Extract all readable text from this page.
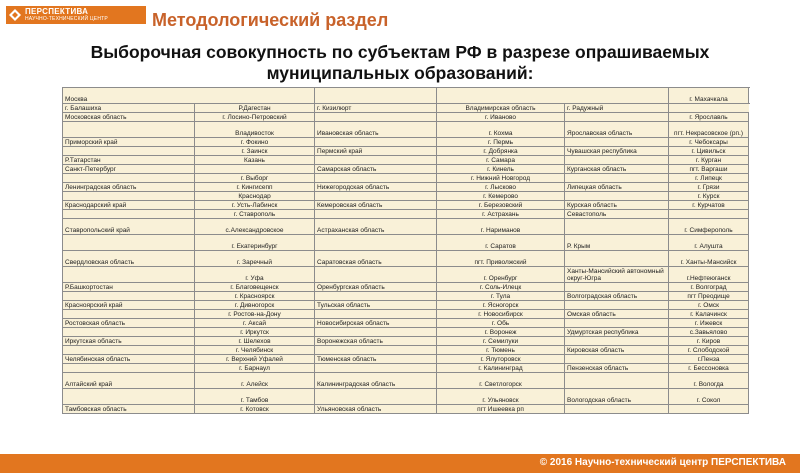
ПЕРСПЕКТИВА
НАУЧНО-ТЕХНИЧЕСКИЙ ЦЕНТР Методологический раздел
Выборочная совокупность по субъектам РФ в разрезе опрашиваемых муниципальных образований:
Москва					г. Махачкала		
г. Балашиха	Р.Дагестан	г. Кизилюрт	Владимирская область	г. Радужный		
Московская область	г. Лосино-Петровский		г. Иваново		г. Ярославль	
	Владивосток	Ивановская область	г. Кохма	Ярославская область	пгт. Некрасовское (рп.)	
Приморский край	г. Фокино		г. Пермь		г. Чебоксары	
	г. Заинск	Пермский край	г. Добрянка	Чувашская республика	г. Цивильск	
Р.Татарстан	Казань		г. Самара		г. Курган	
Санкт-Петербург		Самарская область	г. Кинель	Курганская область	пгт. Варгаши	
	г. Выборг		г. Нижний Новгород		г. Липецк	
Ленинградская область	г. Кингисепп	Нижегородская область	г. Лысково	Липецкая область	г. Грязи	
	Краснодар		г. Кемерово		г. Курск	
Краснодарский край	г. Усть-Лабинск	Кемеровская область	г. Березовский	Курская область	г. Курчатов	
	г. Ставрополь		г. Астрахань	Севастополь		
Ставропольский край	с.Александровское	Астраханская область	г. Нариманов		г. Симферополь	
	г. Екатеринбург		г. Саратов	Р. Крым	г. Алушта	
Свердловская область	г. Заречный	Саратовская область	пгт. Приволжский		г. Ханты-Мансийск	
	г. Уфа		г. Оренбург	Ханты-Мансийский автономный округ-Югра	г.Нефтеюганск	
Р.Башкортостан	г. Благовещенск	Оренбургская область	г. Соль-Илецк		г. Волгоград	
	г. Красноярск		г. Тула	Волгоградская область	пгт Преодище	
Красноярский край	г. Дивногорск	Тульская область	г. Ясногорск		г. Омск	
	г. Ростов-на-Дону		г. Новосибирск	Омская область	г. Калачинск	
Ростовская область	г. Аксай	Новосибирская область	г. Обь		г. Ижевск	
	г. Иркутск		г. Воронеж	Удмуртская республика	с.Завьялово	
Иркутская область	г. Шелехов	Воронежская область	г. Семилуки		г. Киров	
	г. Челябинск		г. Тюмень	Кировская область	г. Слободской	
Челябинская область	г. Верхний Уфалей	Тюменская область	г. Ялуторовск		г.Пенза	
	г. Барнаул		г. Калининград	Пензенская область	г. Бессоновка	
Алтайский край	г. Алейск	Калининградская область	г. Светлогорск		г. Вологда	
	г. Тамбов		г. Ульяновск	Вологодская область	г. Сокол	
Тамбовская область	г. Котовск	Ульяновская область	пгт Ишеевка рп			
© 2016 Научно-технический центр ПЕРСПЕКТИВА
